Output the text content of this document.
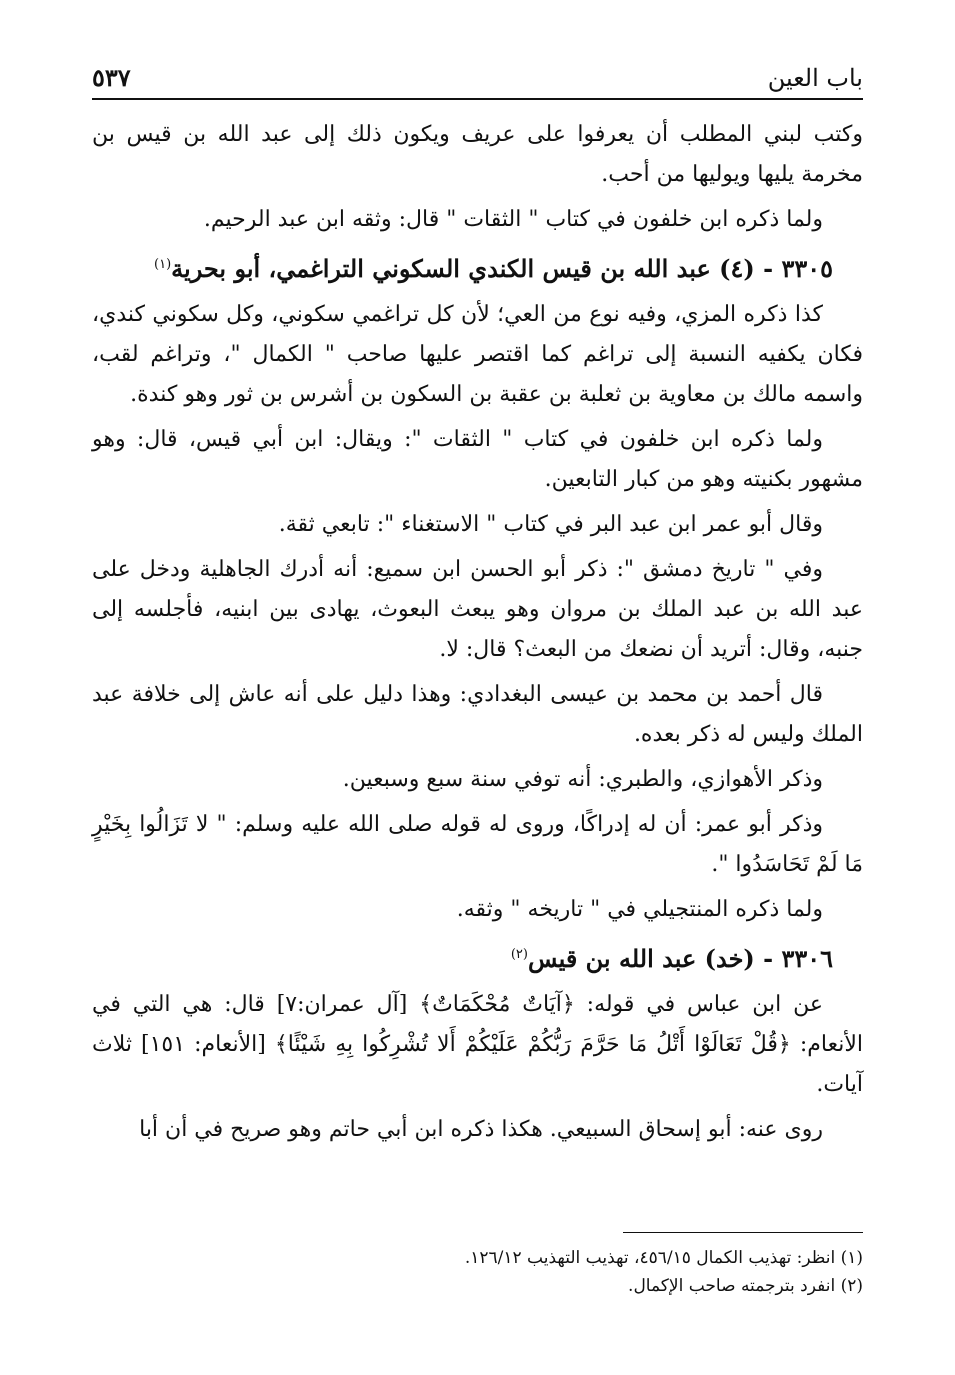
باب العين
٥٣٧

وكتب لبني المطلب أن يعرفوا على عريف ويكون ذلك إلى عبد الله بن قيس بن مخرمة يليها ويوليها من أحب.

ولما ذكره ابن خلفون في كتاب " الثقات " قال: وثقه ابن عبد الرحيم.

٣٣٠٥ - (٤) عبد الله بن قيس الكندي السكوني التراغمي، أبو بحرية$^{(١)}$

كذا ذكره المزي، وفيه نوع من العي؛ لأن كل تراغمي سكوني، وكل سكوني كندي، فكان يكفيه النسبة إلى تراغم كما اقتصر عليها صاحب " الكمال "، وتراغم لقب، واسمه مالك بن معاوية بن ثعلبة بن عقبة بن السكون بن أشرس بن ثور وهو كندة.

ولما ذكره ابن خلفون في كتاب " الثقات ": ويقال: ابن أبي قيس، قال: وهو مشهور بكنيته وهو من كبار التابعين.

وقال أبو عمر ابن عبد البر في كتاب " الاستغناء ": تابعي ثقة.

وفي " تاريخ دمشق ": ذكر أبو الحسن ابن سميع: أنه أدرك الجاهلية ودخل على عبد الله بن عبد الملك بن مروان وهو يبعث البعوث، يهادى بين ابنيه، فأجلسه إلى جنبه، وقال: أتريد أن نضعك من البعث؟ قال: لا.

قال أحمد بن محمد بن عيسى البغدادي: وهذا دليل على أنه عاش إلى خلافة عبد الملك وليس له ذكر بعده.

وذكر الأهوازي، والطبري: أنه توفي سنة سبع وسبعين.

وذكر أبو عمر: أن له إدراكًا، وروى له قوله صلى الله عليه وسلم: " لا تَزَالُوا بِخَيْرٍ مَا لَمْ تَحَاسَدُوا ".

ولما ذكره المنتجيلي في " تاريخه " وثقه.

٣٣٠٦ - (خد) عبد الله بن قيس$^{(٢)}$

عن ابن عباس في قوله: ﴿آيَاتٌ مُحْكَمَاتٌ﴾ [آل عمران:٧] قال: هي التي في الأنعام: ﴿قُلْ تَعَالَوْا أَتْلُ مَا حَرَّمَ رَبُّكُمْ عَلَيْكُمْ أَلا تُشْرِكُوا بِهِ شَيْئًا﴾ [الأنعام: ١٥١] ثلاث آيات.

روى عنه: أبو إسحاق السبيعي. هكذا ذكره ابن أبي حاتم وهو صريح في أن أبا

(١) انظر: تهذيب الكمال ٤٥٦/١٥، تهذيب التهذيب ١٢٦/١٢.
(٢) انفرد بترجمته صاحب الإكمال.
